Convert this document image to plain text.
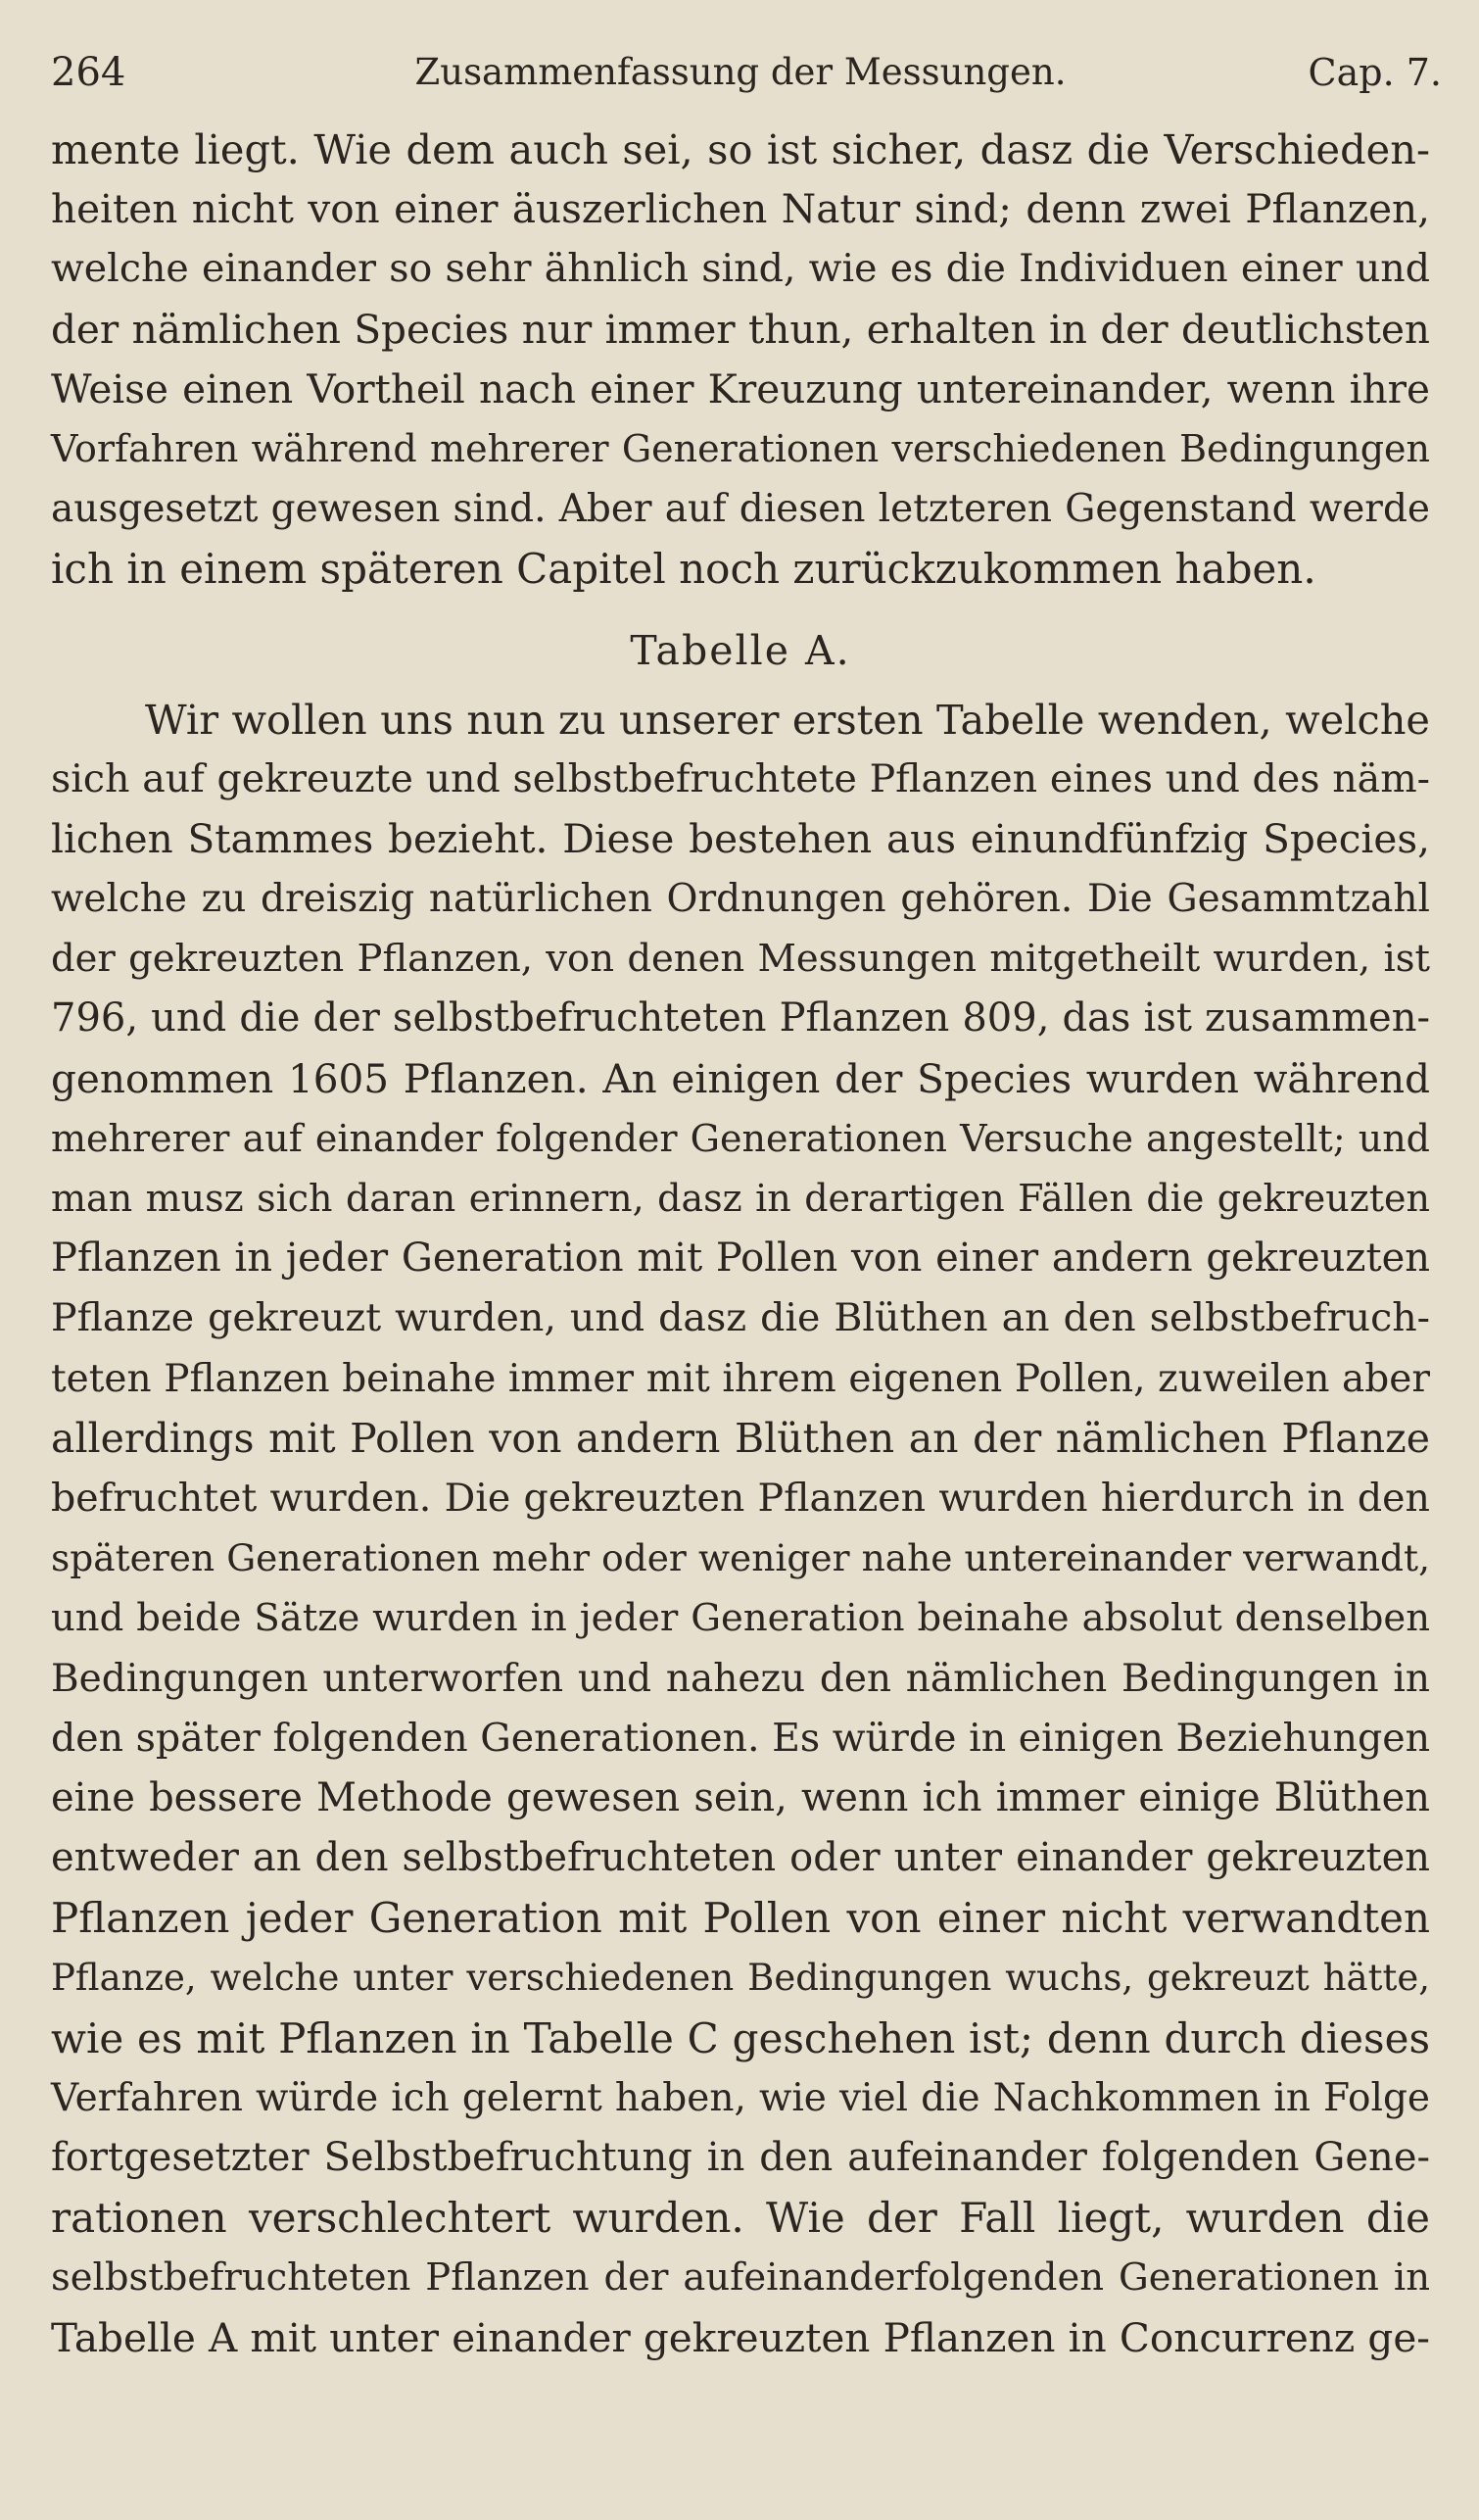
264	Zusammenfassung der Messungen.	Cap. 7.
mente liegt. Wie dem auch sei, so ist sicher, dasz die Verschieden-
heiten nicht von einer äuszerlichen Natur sind; denn zwei Pflanzen,
welche einander so sehr ähnlich sind, wie es die Individuen einer und
der nämlichen Species nur immer thun, erhalten in der deutlichsten
Weise einen Vortheil nach einer Kreuzung untereinander, wenn ihre
Vorfahren während mehrerer Generationen verschiedenen Bedingungen
ausgesetzt gewesen sind. Aber auf diesen letzteren Gegenstand werde
ich in einem späteren Capitel noch zurückzukommen haben.
Tabelle A.
Wir wollen uns nun zu unserer ersten Tabelle wenden, welche
sich auf gekreuzte und selbstbefruchtete Pflanzen eines und des näm-
lichen Stammes bezieht. Diese bestehen aus einundfünfzig Species,
welche zu dreiszig natürlichen Ordnungen gehören. Die Gesammtzahl
der gekreuzten Pflanzen, von denen Messungen mitgetheilt wurden, ist
796, und die der selbstbefruchteten Pflanzen 809, das ist zusammen-
genommen 1605 Pflanzen. An einigen der Species wurden während
mehrerer auf einander folgender Generationen Versuche angestellt; und
man musz sich daran erinnern, dasz in derartigen Fällen die gekreuzten
Pflanzen in jeder Generation mit Pollen von einer andern gekreuzten
Pflanze gekreuzt wurden, und dasz die Blüthen an den selbstbefruch-
teten Pflanzen beinahe immer mit ihrem eigenen Pollen, zuweilen aber
allerdings mit Pollen von andern Blüthen an der nämlichen Pflanze
befruchtet wurden. Die gekreuzten Pflanzen wurden hierdurch in den
späteren Generationen mehr oder weniger nahe untereinander verwandt,
und beide Sätze wurden in jeder Generation beinahe absolut denselben
Bedingungen unterworfen und nahezu den nämlichen Bedingungen in
den später folgenden Generationen. Es würde in einigen Beziehungen
eine bessere Methode gewesen sein, wenn ich immer einige Blüthen
entweder an den selbstbefruchteten oder unter einander gekreuzten
Pflanzen jeder Generation mit Pollen von einer nicht verwandten
Pflanze, welche unter verschiedenen Bedingungen wuchs, gekreuzt hätte,
wie es mit Pflanzen in Tabelle C geschehen ist; denn durch dieses
Verfahren würde ich gelernt haben, wie viel die Nachkommen in Folge
fortgesetzter Selbstbefruchtung in den aufeinander folgenden Gene-
rationen verschlechtert wurden. Wie der Fall liegt, wurden die
selbstbefruchteten Pflanzen der aufeinanderfolgenden Generationen in
Tabelle A mit unter einander gekreuzten Pflanzen in Concurrenz ge-
